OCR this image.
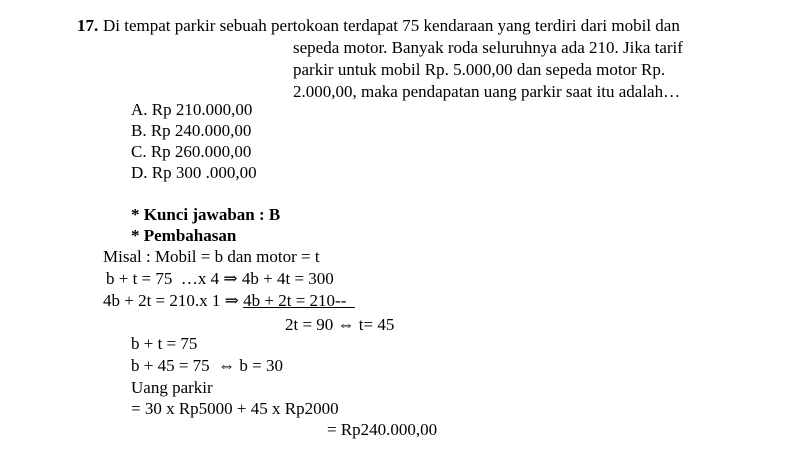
17. Di tempat parkir sebuah pertokoan terdapat 75 kendaraan yang terdiri dari mobil dan
sepeda motor. Banyak roda seluruhnya ada 210. Jika tarif
parkir untuk mobil Rp. 5.000,00 dan sepeda motor Rp.
2.000,00, maka pendapatan uang parkir saat itu adalah…
A. Rp 210.000,00
B. Rp 240.000,00
C. Rp 260.000,00
D. Rp 300 .000,00
* Kunci jawaban : B
* Pembahasan
Misal : Mobil = b dan motor = t
b + t = 75  …x 4 ⇒ 4b + 4t = 300
4b + 2t = 210.x 1 ⇒ 4b + 2t = 210--
2t = 90 ⇔ t= 45
b + t = 75
b + 45 = 75  ⇔ b = 30
Uang parkir
= 30 x Rp5000 + 45 x Rp2000
= Rp240.000,00
